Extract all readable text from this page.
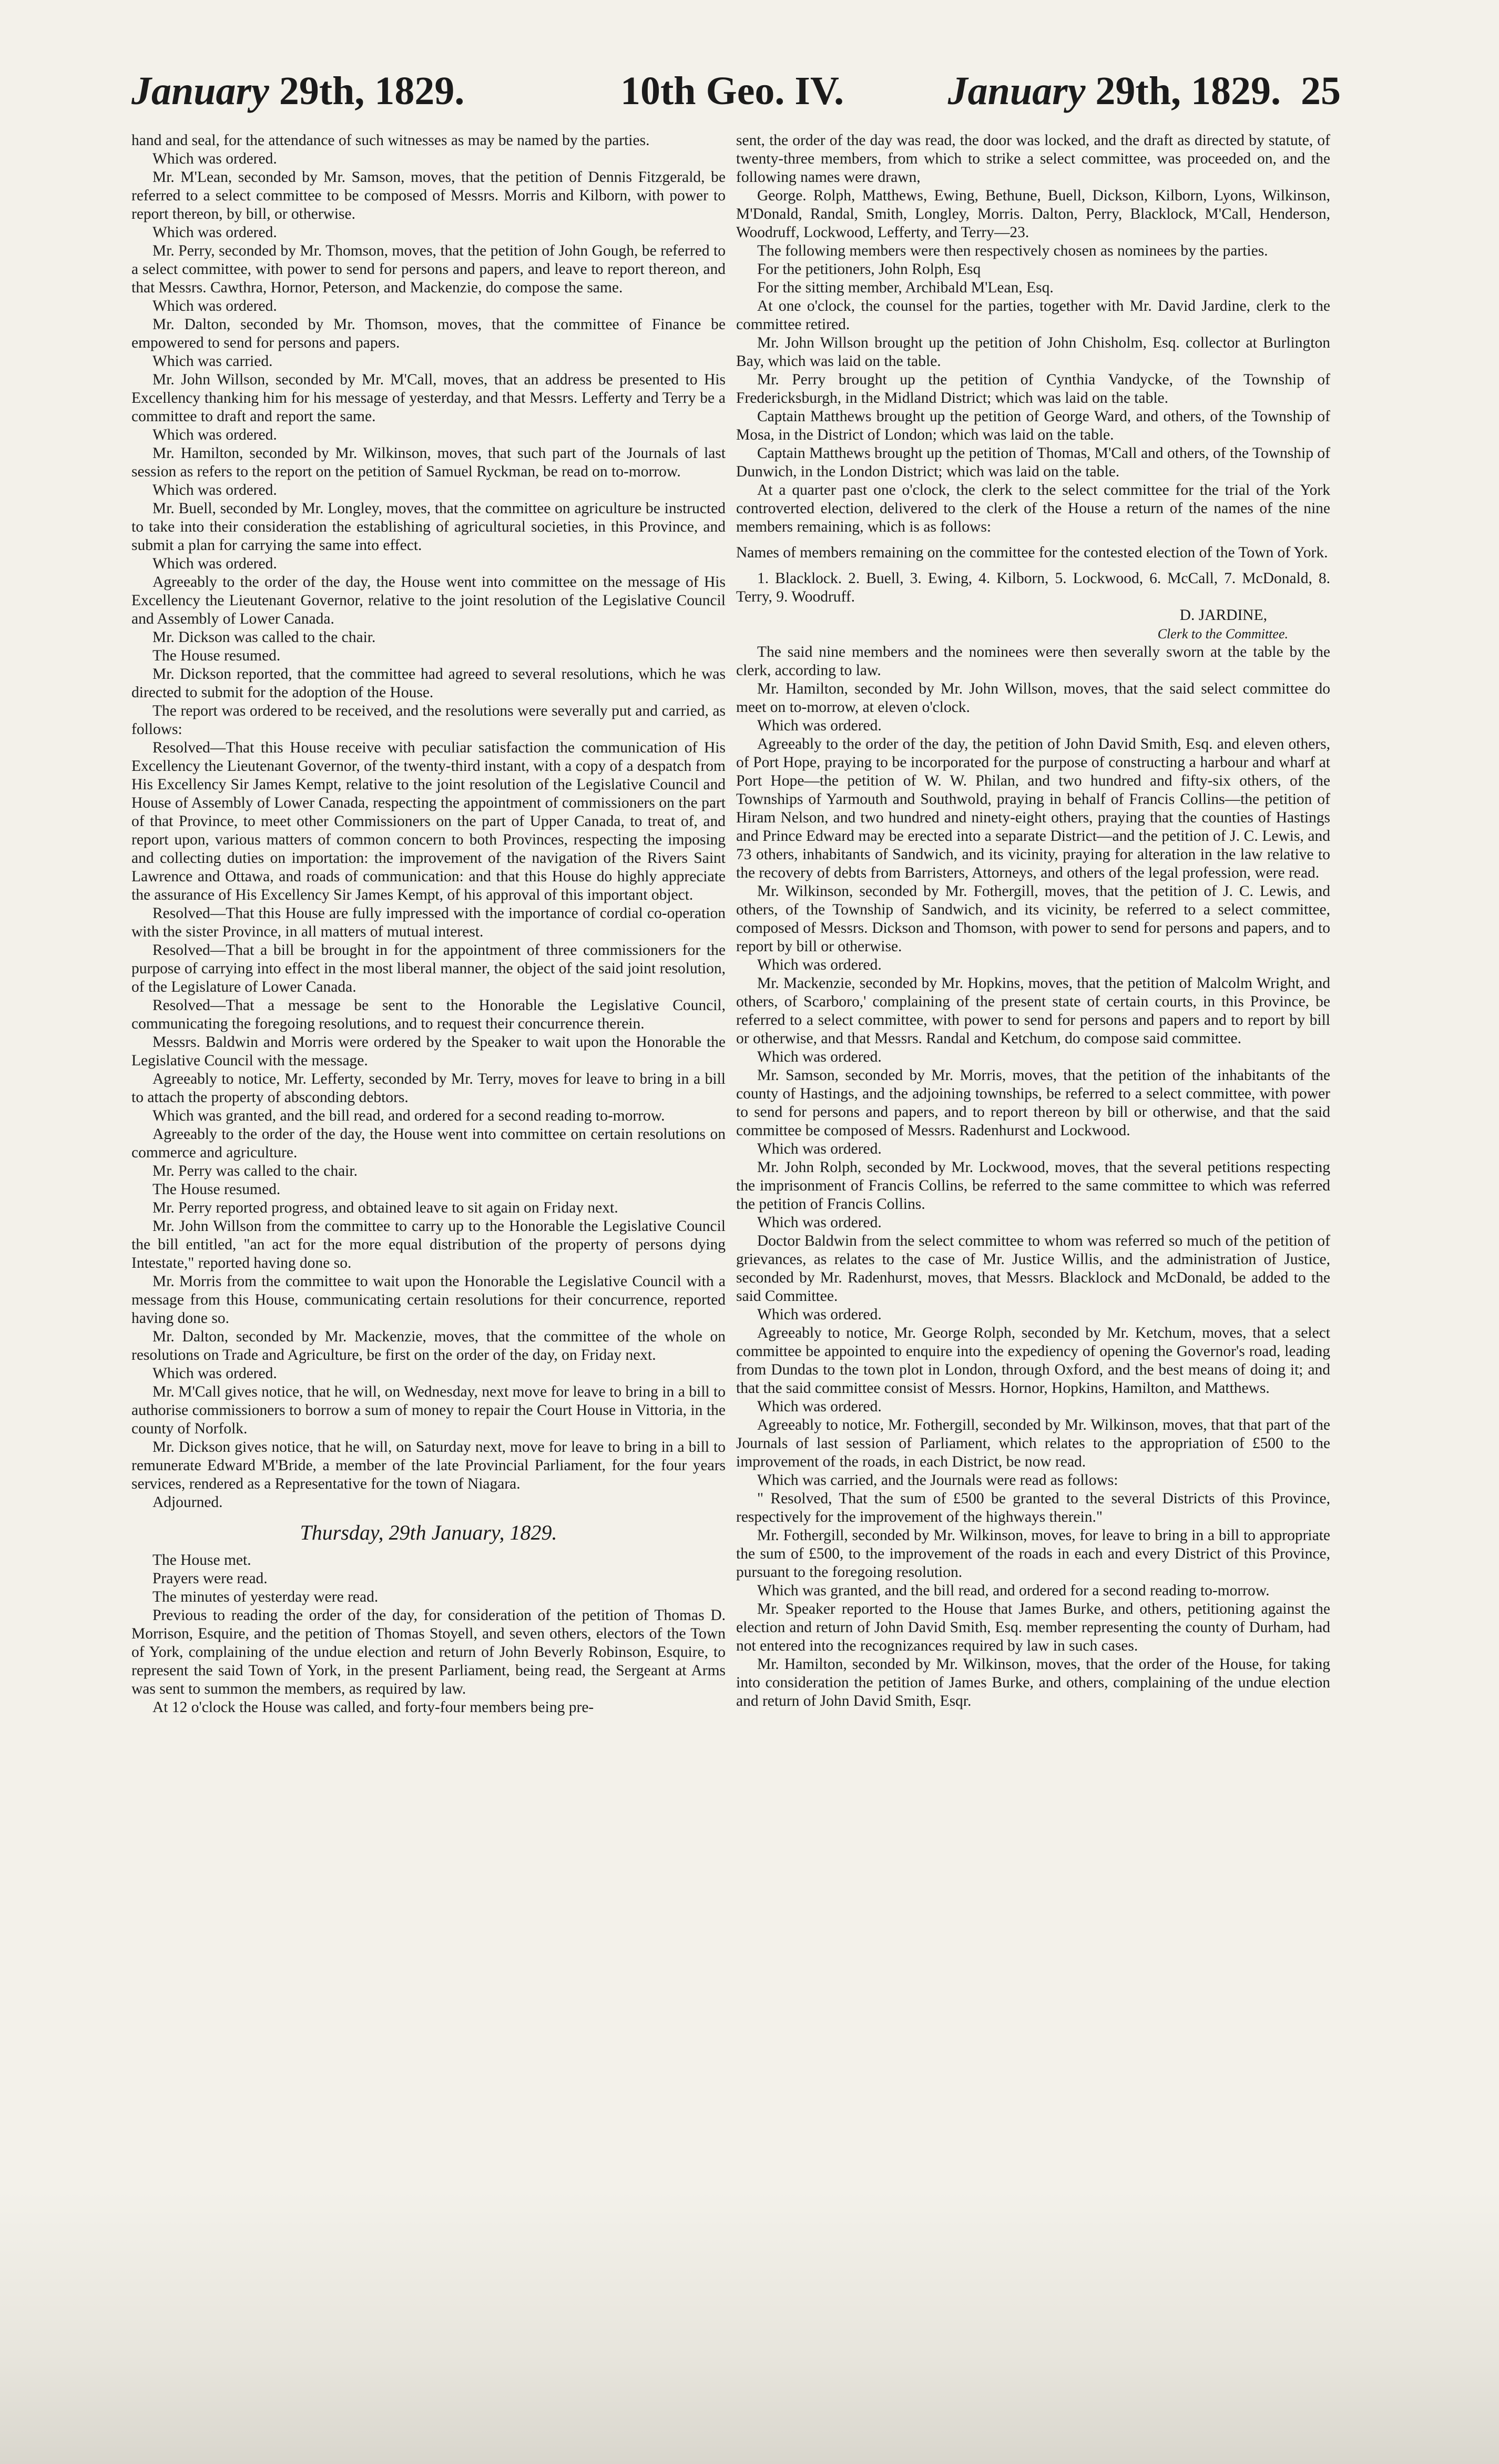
January 29th, 1829.	10th Geo. IV.	January 29th, 1829. 25

hand and seal, for the attendance of such witnesses as may be named by the parties.

Which was ordered.

Mr. M'Lean, seconded by Mr. Samson, moves, that the petition of Dennis Fitzgerald, be referred to a select committee to be composed of Messrs. Morris and Kilborn, with power to report thereon, by bill, or otherwise.

Which was ordered.

Mr. Perry, seconded by Mr. Thomson, moves, that the petition of John Gough, be referred to a select committee, with power to send for persons and papers, and leave to report thereon, and that Messrs. Cawthra, Hornor, Peterson, and Mackenzie, do compose the same.

Which was ordered.

Mr. Dalton, seconded by Mr. Thomson, moves, that the committee of Finance be empowered to send for persons and papers.

Which was carried.

Mr. John Willson, seconded by Mr. M'Call, moves, that an address be presented to His Excellency thanking him for his message of yesterday, and that Messrs. Lefferty and Terry be a committee to draft and report the same.

Which was ordered.

Mr. Hamilton, seconded by Mr. Wilkinson, moves, that such part of the Journals of last session as refers to the report on the petition of Samuel Ryckman, be read on to-morrow.

Which was ordered.

Mr. Buell, seconded by Mr. Longley, moves, that the committee on agriculture be instructed to take into their consideration the establishing of agricultural societies, in this Province, and submit a plan for carrying the same into effect.

Which was ordered.

Agreeably to the order of the day, the House went into committee on the message of His Excellency the Lieutenant Governor, relative to the joint resolution of the Legislative Council and Assembly of Lower Canada.

Mr. Dickson was called to the chair.

The House resumed.

Mr. Dickson reported, that the committee had agreed to several resolutions, which he was directed to submit for the adoption of the House.

The report was ordered to be received, and the resolutions were severally put and carried, as follows:

Resolved—That this House receive with peculiar satisfaction the communication of His Excellency the Lieutenant Governor, of the twenty-third instant, with a copy of a despatch from His Excellency Sir James Kempt, relative to the joint resolution of the Legislative Council and House of Assembly of Lower Canada, respecting the appointment of commissioners on the part of that Province, to meet other Commissioners on the part of Upper Canada, to treat of, and report upon, various matters of common concern to both Provinces, respecting the imposing and collecting duties on importation: the improvement of the navigation of the Rivers Saint Lawrence and Ottawa, and roads of communication: and that this House do highly appreciate the assurance of His Excellency Sir James Kempt, of his approval of this important object.

Resolved—That this House are fully impressed with the importance of cordial co-operation with the sister Province, in all matters of mutual interest.

Resolved—That a bill be brought in for the appointment of three commissioners for the purpose of carrying into effect in the most liberal manner, the object of the said joint resolution, of the Legislature of Lower Canada.

Resolved—That a message be sent to the Honorable the Legislative Council, communicating the foregoing resolutions, and to request their concurrence therein.

Messrs. Baldwin and Morris were ordered by the Speaker to wait upon the Honorable the Legislative Council with the message.

Agreeably to notice, Mr. Lefferty, seconded by Mr. Terry, moves for leave to bring in a bill to attach the property of absconding debtors.

Which was granted, and the bill read, and ordered for a second reading to-morrow.

Agreeably to the order of the day, the House went into committee on certain resolutions on commerce and agriculture.

Mr. Perry was called to the chair.

The House resumed.

Mr. Perry reported progress, and obtained leave to sit again on Friday next.

Mr. John Willson from the committee to carry up to the Honorable the Legislative Council the bill entitled, "an act for the more equal distribution of the property of persons dying Intestate," reported having done so.

Mr. Morris from the committee to wait upon the Honorable the Legislative Council with a message from this House, communicating certain resolutions for their concurrence, reported having done so.

Mr. Dalton, seconded by Mr. Mackenzie, moves, that the committee of the whole on resolutions on Trade and Agriculture, be first on the order of the day, on Friday next.

Which was ordered.

Mr. M'Call gives notice, that he will, on Wednesday, next move for leave to bring in a bill to authorise commissioners to borrow a sum of money to repair the Court House in Vittoria, in the county of Norfolk.

Mr. Dickson gives notice, that he will, on Saturday next, move for leave to bring in a bill to remunerate Edward M'Bride, a member of the late Provincial Parliament, for the four years services, rendered as a Representative for the town of Niagara.

Adjourned.

Thursday, 29th January, 1829.

The House met.

Prayers were read.

The minutes of yesterday were read.

Previous to reading the order of the day, for consideration of the petition of Thomas D. Morrison, Esquire, and the petition of Thomas Stoyell, and seven others, electors of the Town of York, complaining of the undue election and return of John Beverly Robinson, Esquire, to represent the said Town of York, in the present Parliament, being read, the Sergeant at Arms was sent to summon the members, as required by law.

At 12 o'clock the House was called, and forty-four members being pre-

sent, the order of the day was read, the door was locked, and the draft as directed by statute, of twenty-three members, from which to strike a select committee, was proceeded on, and the following names were drawn,

George. Rolph, Matthews, Ewing, Bethune, Buell, Dickson, Kilborn, Lyons, Wilkinson, M'Donald, Randal, Smith, Longley, Morris. Dalton, Perry, Blacklock, M'Call, Henderson, Woodruff, Lockwood, Lefferty, and Terry—23.

The following members were then respectively chosen as nominees by the parties.

For the petitioners, John Rolph, Esq

For the sitting member, Archibald M'Lean, Esq.

At one o'clock, the counsel for the parties, together with Mr. David Jardine, clerk to the committee retired.

Mr. John Willson brought up the petition of John Chisholm, Esq. collector at Burlington Bay, which was laid on the table.

Mr. Perry brought up the petition of Cynthia Vandycke, of the Township of Fredericksburgh, in the Midland District; which was laid on the table.

Captain Matthews brought up the petition of George Ward, and others, of the Township of Mosa, in the District of London; which was laid on the table.

Captain Matthews brought up the petition of Thomas, M'Call and others, of the Township of Dunwich, in the London District; which was laid on the table.

At a quarter past one o'clock, the clerk to the select committee for the trial of the York controverted election, delivered to the clerk of the House a return of the names of the nine members remaining, which is as follows:

Names of members remaining on the committee for the contested election of the Town of York.

1. Blacklock. 2. Buell, 3. Ewing, 4. Kilborn, 5. Lockwood, 6. McCall, 7. McDonald, 8. Terry, 9. Woodruff.

D. JARDINE,

Clerk to the Committee.

The said nine members and the nominees were then severally sworn at the table by the clerk, according to law.

Mr. Hamilton, seconded by Mr. John Willson, moves, that the said select committee do meet on to-morrow, at eleven o'clock.

Which was ordered.

Agreeably to the order of the day, the petition of John David Smith, Esq. and eleven others, of Port Hope, praying to be incorporated for the purpose of constructing a harbour and wharf at Port Hope—the petition of W. W. Philan, and two hundred and fifty-six others, of the Townships of Yarmouth and Southwold, praying in behalf of Francis Collins—the petition of Hiram Nelson, and two hundred and ninety-eight others, praying that the counties of Hastings and Prince Edward may be erected into a separate District—and the petition of J. C. Lewis, and 73 others, inhabitants of Sandwich, and its vicinity, praying for alteration in the law relative to the recovery of debts from Barristers, Attorneys, and others of the legal profession, were read.

Mr. Wilkinson, seconded by Mr. Fothergill, moves, that the petition of J. C. Lewis, and others, of the Township of Sandwich, and its vicinity, be referred to a select committee, composed of Messrs. Dickson and Thomson, with power to send for persons and papers, and to report by bill or otherwise.

Which was ordered.

Mr. Mackenzie, seconded by Mr. Hopkins, moves, that the petition of Malcolm Wright, and others, of Scarboro,' complaining of the present state of certain courts, in this Province, be referred to a select committee, with power to send for persons and papers and to report by bill or otherwise, and that Messrs. Randal and Ketchum, do compose said committee.

Which was ordered.

Mr. Samson, seconded by Mr. Morris, moves, that the petition of the inhabitants of the county of Hastings, and the adjoining townships, be referred to a select committee, with power to send for persons and papers, and to report thereon by bill or otherwise, and that the said committee be composed of Messrs. Radenhurst and Lockwood.

Which was ordered.

Mr. John Rolph, seconded by Mr. Lockwood, moves, that the several petitions respecting the imprisonment of Francis Collins, be referred to the same committee to which was referred the petition of Francis Collins.

Which was ordered.

Doctor Baldwin from the select committee to whom was referred so much of the petition of grievances, as relates to the case of Mr. Justice Willis, and the administration of Justice, seconded by Mr. Radenhurst, moves, that Messrs. Blacklock and McDonald, be added to the said Committee.

Which was ordered.

Agreeably to notice, Mr. George Rolph, seconded by Mr. Ketchum, moves, that a select committee be appointed to enquire into the expediency of opening the Governor's road, leading from Dundas to the town plot in London, through Oxford, and the best means of doing it; and that the said committee consist of Messrs. Hornor, Hopkins, Hamilton, and Matthews.

Which was ordered.

Agreeably to notice, Mr. Fothergill, seconded by Mr. Wilkinson, moves, that that part of the Journals of last session of Parliament, which relates to the appropriation of £500 to the improvement of the roads, in each District, be now read.

Which was carried, and the Journals were read as follows:

" Resolved, That the sum of £500 be granted to the several Districts of this Province, respectively for the improvement of the highways therein."

Mr. Fothergill, seconded by Mr. Wilkinson, moves, for leave to bring in a bill to appropriate the sum of £500, to the improvement of the roads in each and every District of this Province, pursuant to the foregoing resolution.

Which was granted, and the bill read, and ordered for a second reading to-morrow.

Mr. Speaker reported to the House that James Burke, and others, petitioning against the election and return of John David Smith, Esq. member representing the county of Durham, had not entered into the recognizances required by law in such cases.

Mr. Hamilton, seconded by Mr. Wilkinson, moves, that the order of the House, for taking into consideration the petition of James Burke, and others, complaining of the undue election and return of John David Smith, Esqr.
